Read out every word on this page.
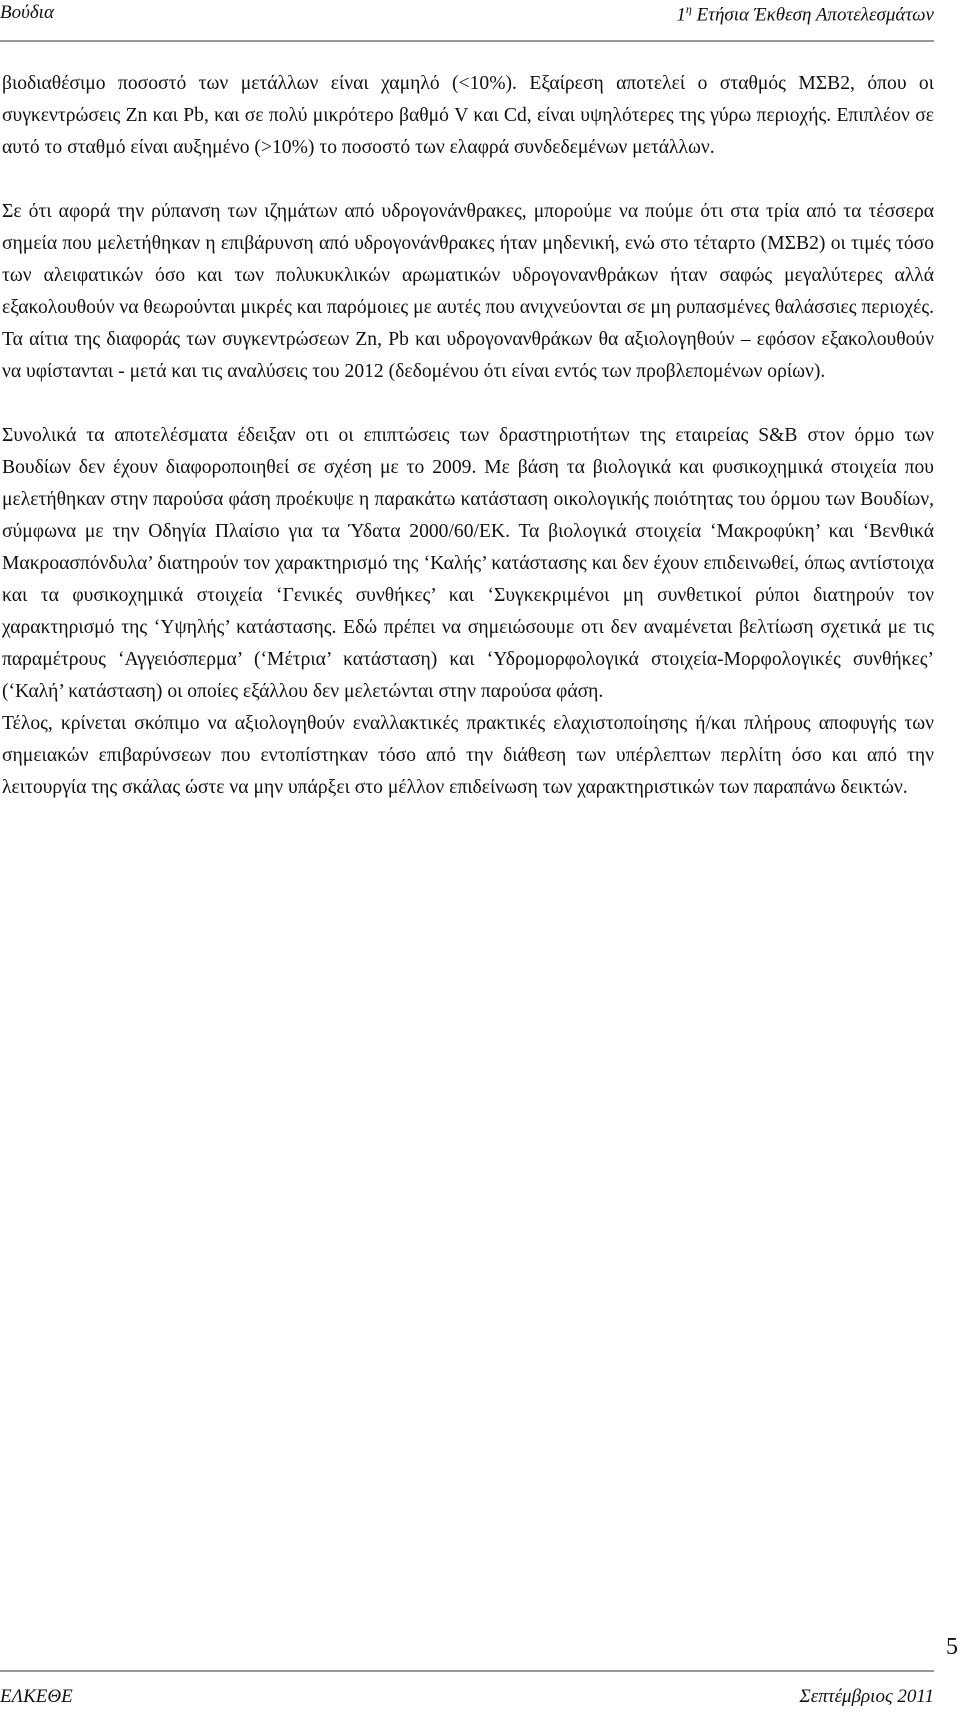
Βούδια	$1^\eta$ Ετήσια Έκθεση Αποτελεσμάτων

βιοδιαθέσιμο ποσοστό των μετάλλων είναι χαμηλό (<10%). Εξαίρεση αποτελεί ο σταθμός ΜΣΒ2, όπου οι συγκεντρώσεις Zn και Pb, και σε πολύ μικρότερο βαθμό V και Cd, είναι υψηλότερες της γύρω περιοχής. Επιπλέον σε αυτό το σταθμό είναι αυξημένο (>10%) το ποσοστό των ελαφρά συνδεδεμένων μετάλλων.

Σε ότι αφορά την ρύπανση των ιζημάτων από υδρογονάνθρακες, μπορούμε να πούμε ότι στα τρία από τα τέσσερα σημεία που μελετήθηκαν η επιβάρυνση από υδρογονάνθρακες ήταν μηδενική, ενώ στο τέταρτο (ΜΣΒ2) οι τιμές τόσο των αλειφατικών όσο και των πολυκυκλικών αρωματικών υδρογονανθράκων ήταν σαφώς μεγαλύτερες αλλά εξακολουθούν να θεωρούνται μικρές και παρόμοιες με αυτές που ανιχνεύονται σε μη ρυπασμένες θαλάσσιες περιοχές. Τα αίτια της διαφοράς των συγκεντρώσεων Zn, Pb και υδρογονανθράκων θα αξιολογηθούν – εφόσον εξακολουθούν να υφίστανται - μετά και τις αναλύσεις του 2012 (δεδομένου ότι είναι εντός των προβλεπομένων ορίων).

Συνολικά τα αποτελέσματα έδειξαν οτι οι επιπτώσεις των δραστηριοτήτων της εταιρείας S&B στον όρμο των Βουδίων δεν έχουν διαφοροποιηθεί σε σχέση με το 2009. Με βάση τα βιολογικά και φυσικοχημικά στοιχεία που μελετήθηκαν στην παρούσα φάση προέκυψε η παρακάτω κατάσταση οικολογικής ποιότητας του όρμου των Βουδίων, σύμφωνα με την Οδηγία Πλαίσιο για τα Ύδατα 2000/60/ΕΚ. Τα βιολογικά στοιχεία ‘Μακροφύκη’ και ‘Βενθικά Μακροασπόνδυλα’ διατηρούν τον χαρακτηρισμό της ‘Καλής’ κατάστασης και δεν έχουν επιδεινωθεί, όπως αντίστοιχα και τα φυσικοχημικά στοιχεία ‘Γενικές συνθήκες’ και ‘Συγκεκριμένοι μη συνθετικοί ρύποι διατηρούν τον χαρακτηρισμό της ‘Υψηλής’ κατάστασης. Εδώ πρέπει να σημειώσουμε οτι δεν αναμένεται βελτίωση σχετικά με τις παραμέτρους ‘Αγγειόσπερμα’ (‘Μέτρια’ κατάσταση) και ‘Υδρομορφολογικά στοιχεία-Μορφολογικές συνθήκες’ (‘Καλή’ κατάσταση) οι οποίες εξάλλου δεν μελετώνται στην παρούσα φάση.

Τέλος, κρίνεται σκόπιμο να αξιολογηθούν εναλλακτικές πρακτικές ελαχιστοποίησης ή/και πλήρους αποφυγής των σημειακών επιβαρύνσεων που εντοπίστηκαν τόσο από την διάθεση των υπέρλεπτων περλίτη όσο και από την λειτουργία της σκάλας ώστε να μην υπάρξει στο μέλλον επιδείνωση των χαρακτηριστικών των παραπάνω δεικτών.

5
ΕΛΚΕΘΕ	Σεπτέμβριος 2011
